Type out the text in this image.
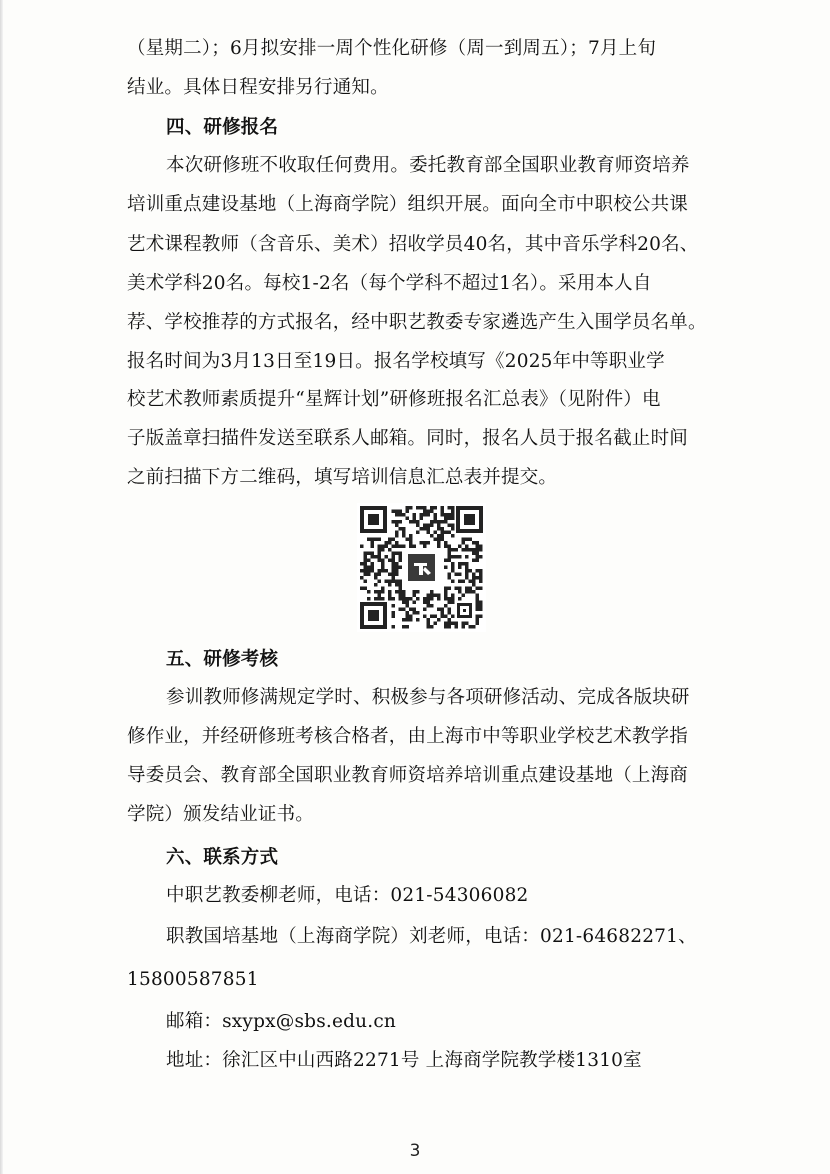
（星期二）；6月拟安排一周个性化研修（周一到周五）；7月上旬
结业。具体日程安排另行通知。
四、研修报名
本次研修班不收取任何费用。委托教育部全国职业教育师资培养
培训重点建设基地（上海商学院）组织开展。面向全市中职校公共课
艺术课程教师（含音乐、美术）招收学员40名，其中音乐学科20名、
美术学科20名。每校1-2名（每个学科不超过1名）。采用本人自
荐、学校推荐的方式报名，经中职艺教委专家遴选产生入围学员名单。
报名时间为3月13日至19日。报名学校填写《2025年中等职业学
校艺术教师素质提升“星辉计划”研修班报名汇总表》（见附件）电
子版盖章扫描件发送至联系人邮箱。同时，报名人员于报名截止时间
之前扫描下方二维码，填写培训信息汇总表并提交。
五、研修考核
参训教师修满规定学时、积极参与各项研修活动、完成各版块研
修作业，并经研修班考核合格者，由上海市中等职业学校艺术教学指
导委员会、教育部全国职业教育师资培养培训重点建设基地（上海商
学院）颁发结业证书。
六、联系方式
中职艺教委柳老师，电话：021-54306082
职教国培基地（上海商学院）刘老师，电话：021-64682271、
15800587851
邮箱：sxypx@sbs.edu.cn
地址：徐汇区中山西路2271号 上海商学院教学楼1310室
3
